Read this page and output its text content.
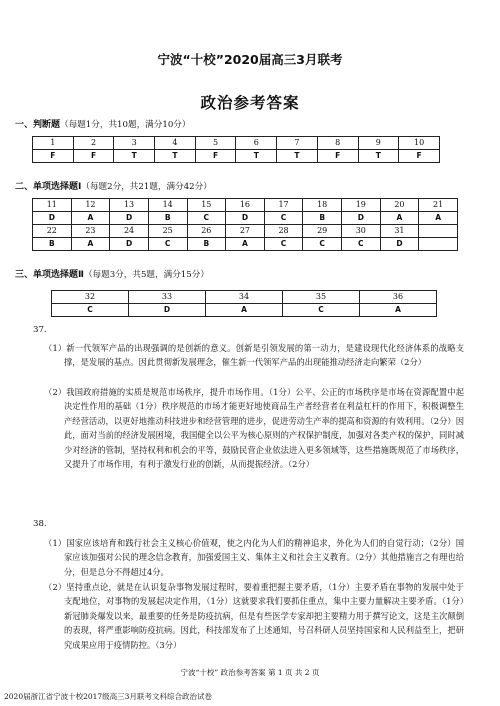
宁波“十校”2020届高三3月联考
政治参考答案
一、判断题（每题1分，共10题，满分10分）
1	2	3	4	5	6	7	8	9	10
F	F	T	T	F	T	T	F	T	F
二、单项选择题Ⅰ（每题2分，共21题，满分42分）
11	12	13	14	15	16	17	18	19	20	21
D	A	D	B	C	D	C	B	D	A	A
22	23	24	25	26	27	28	29	30	31	
B	A	D	C	B	A	C	C	C	D	
三、单项选择题Ⅱ（每题3分，共5题，满分15分）
32	33	34	35	36
C	D	A	C	A
37.
（1）新一代领军产品的出现强调的是创新的意义。创新是引领发展的第一动力，是建设现代化经济体系的战略支撑，是发展的基点。因此贯彻新发展理念，催生新一代领军产品的出现能推动经济走向繁荣（2分）
（2）我国政府措施的实质是规范市场秩序，提升市场作用。（1分）公平、公正的市场秩序是市场在资源配置中起决定性作用的基础（1分）秩序规范的市场才能更好地使商品生产者经营者在利益杠杆的作用下，积极调整生产经营活动，以更好地推动科技进步和经营管理的进步，促进劳动生产率的提高和资源的有效利用。（2分）因此，面对当前的经济发展困境，我国健全以公平为核心原则的产权保护制度，加强对各类产权的保护，同时减少对经济的管制，坚持权利和机会的平等，鼓励民营企业依法进入更多领域等，这些措施既规范了市场秩序，又提升了市场作用，有利于激发行业的创新，从而提振经济。（2分）
38.
（1）国家应该培育和践行社会主义核心价值观，使之内化为人们的精神追求，外化为人们的自觉行动；（2分）国家应该加强对公民的理念信念教育，加强爱国主义、集体主义和社会主义教育。（2分）其他措施言之有理也给分，但是总分不得超过4分。
（2）坚持重点论，就是在认识复杂事物发展过程时，要着重把握主要矛盾，（1分）主要矛盾在事物的发展中处于支配地位，对事物的发展起决定作用，（1分）这就要求我们要抓住重点，集中主要力量解决主要矛盾。（1分）新冠肺炎爆发以来，最重要的任务是防疫抗病，但是有些医学专家却把主要精力用于撰写论文，这是主次颠倒的表现，将严重影响防疫抗病。因此，科技部发布了上述通知，号召科研人员坚持国家和人民利益至上，把研究成果应用于疫情防控。（3分）
宁波“十校” 政治参考答案 第 1 页 共 2 页
2020届浙江省宁波十校2017级高三3月联考文科综合政治试卷
